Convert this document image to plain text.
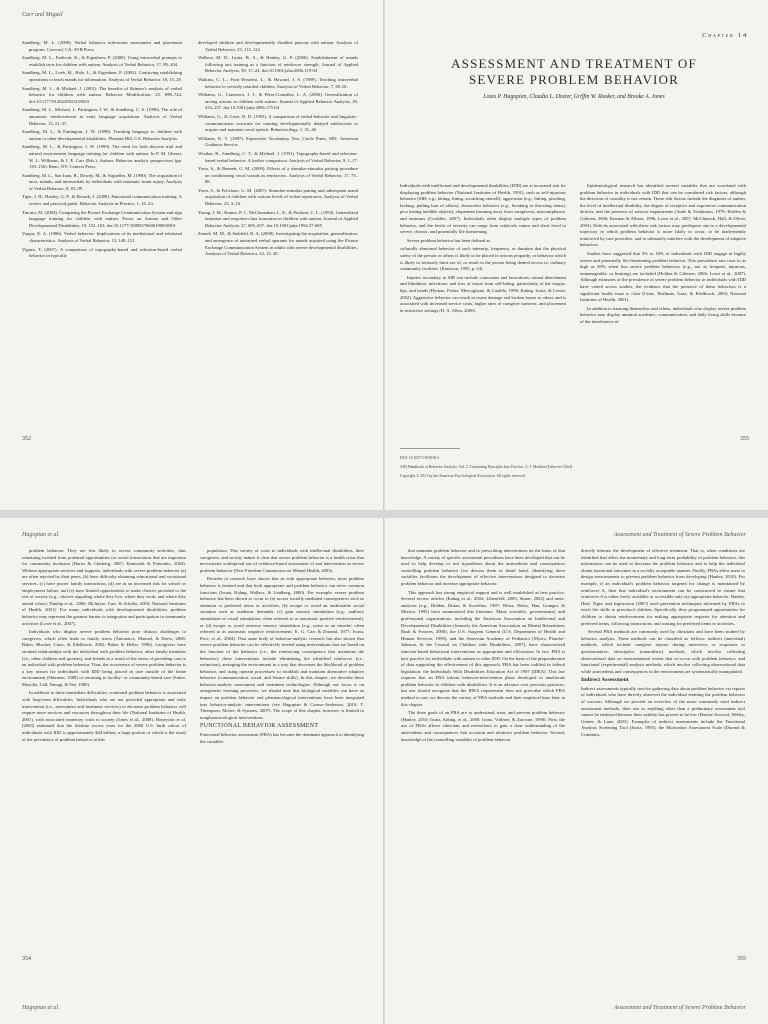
Carr and Miguel

Sundberg, M. L. (2008). Verbal behavior milestones assessment and placement program. Concord, CA: AVB Press.

Sundberg, M. L., Endicott, K., & Eigenheer, P. (2000). Using intraverbal prompts to establish tacts for children with autism. Analysis of Verbal Behavior, 17, 89–104.

Sundberg, M. L., Loeb, M., Hale, L., & Eigenheer, P. (2002). Contriving establishing operations to teach mands for information. Analysis of Verbal Behavior, 18, 15–29.

Sundberg, M. L., & Michael, J. (2001). The benefits of Skinner's analysis of verbal behavior for children with autism. Behavior Modification, 25, 698–724. doi:10.1177/0145445501255003

Sundberg, M. L., Michael, J., Partington, J. W., & Sundberg, C. A. (1996). The role of automatic reinforcement in early language acquisition. Analysis of Verbal Behavior, 13, 21–37.

Sundberg, M. L., & Partington, J. W. (1998). Teaching language to children with autism or other developmental disabilities. Pleasant Hill, CA: Behavior Analysts.

Sundberg, M. L., & Partington, J. W. (1999). The need for both discrete trial and natural environment language training for children with autism. In P. M. Ghezzi, W. L. Williams, & J. E. Carr (Eds.), Autism: Behavior analytic perspectives (pp. 139–156). Reno, NV: Context Press.

Sundberg, M. L., San Juan, B., Dawdy, M., & Arguelles, M. (1990). The acquisition of tacts, mands, and intraverbals by individuals with traumatic brain injury. Analysis of Verbal Behavior, 8, 83–99.

Tiger, J. H., Hanley, G. P., & Bruzek, J. (2008). Functional communication training: A review and practical guide. Behavior Analysis in Practice, 1, 16–23.

Tincani, M. (2004). Comparing the Picture Exchange Communication System and sign language training for children with autism. Focus on Autism and Other Developmental Disabilities, 19, 152–163. doi:10.1177/10883576040190030301

Vargas, E. A. (1986). Verbal behavior: Implications of its mediational and relational characteristics. Analysis of Verbal Behavior, 15, 149–151.

Vignes, T. (2007). A comparison of topography-based and selection-based verbal behavior in typically

developed children and developmentally disabled persons with autism. Analysis of Verbal Behavior, 23, 113–122.

Wallace, M. D., Iwata, B. A., & Hanley, G. P. (2006). Establishment of mands following tact training as a function of reinforcer strength. Journal of Applied Behavior Analysis, 39, 17–24. doi:10.1901/jaba.2006.119-04

Watkins, C. L., Pack-Teixteira, L., & Howard, J. S. (1989). Teaching intraverbal behavior to severely retarded children. Analysis of Verbal Behavior, 7, 69–81.

Williams, G., Carnerero, J. J., & Pérez-González, L. A. (2006). Generalization of tacting actions in children with autism. Journal of Applied Behavior Analysis, 39, 233–237. doi:10.1901/jaba.2006.175-04

Williams, G., & Greer, R. D. (1993). A comparison of verbal-behavior and linguistic-communication curricula for training developmentally delayed adolescents to acquire and maintain vocal speech. Behaviorology, 1, 31–46.

Williams, K. T. (1997). Expressive Vocabulary Test. Circle Pines, MN: American Guidance Service.

Wraikat, R., Sundberg, C. T., & Michael, J. (1991). Topography-based and selection-based verbal behavior: A further comparison. Analysis of Verbal Behavior, 9, 1–17.

Yoon, S., & Bennett, G. M. (2000). Effects of a stimulus-stimulus pairing procedure on conditioning vocal sounds as reinforcers. Analysis of Verbal Behavior, 17, 75–88.

Yoon, S., & Feliciano, G. M. (2007). Stimulus-stimulus pairing and subsequent mand acquisition of children with various levels of verbal repertoires. Analysis of Verbal Behavior, 23, 3–16.

Young, J. M., Krantz, P. J., McClannahan, L. E., & Poulson, C. L. (1994). Generalized imitation and response-class formation in children with autism. Journal of Applied Behavior Analysis, 27, 685–697. doi:10.1901/jaba.1994.27-685

Zemek, M. M., & Siebfeld, R. A. (2008). Investigating the acquisition, generalization, and emergence of untrained verbal operants for mands acquired using the Picture Exchange Communication System in adults with severe developmental disabilities. Analysis of Verbal Behavior, 24, 15–30.

352
Chapter 14
ASSESSMENT AND TREATMENT OF
SEVERE PROBLEM BEHAVIOR
Louis P. Hagopian, Claudia L. Dozier, Griffin W. Rooker, and Brooke A. Jones

Individuals with intellectual and developmental disabilities (IDD) are at increased risk for displaying problem behavior (National Institutes of Health, 1991), such as self-injurious behavior (SIB; e.g., hitting, biting, scratching oneself), aggression (e.g., hitting, pinching, kicking, pulling hair of others), destructive behavior (e.g., breaking or throwing items), pica (eating inedible objects), elopement (running away from caregivers), noncompliance, and tantrums (Cordiller, 2007). Individuals often display multiple types of problem behavior, and the levels of severity can range from relatively minor and short lived to severe, chronic, and potentially life threatening.

Severe problem behavior has been defined as

culturally abnormal behavior of such intensity, frequency, or duration that the physical safety of the person or others is likely to be placed in serious jeopardy, or behavior which is likely to seriously limit use of, or result in the person being denied access to, ordinary community facilities. (Emerson, 1995, p. 24)

Injuries secondary to SIB can include contusions and lacerations; retinal detachment and blindness; infections; and loss of tissue from self-biting, particularly of the tongue, lips, and hands (Hyman, Fisher, Mercugliano, & Cataldo, 1990; Kahng, Iwata, & Lewin, 2002). Aggressive behavior can result in tissue damage and broken bones to others and is associated with increased service costs, higher rates of caregiver turnover, and placement in restrictive settings (D. A. Allen, 2000).

Epidemiological research has identified several variables that are correlated with problem behavior in individuals with IDD that can be considered risk factors, although the direction of causality is not certain. These risk factors include the diagnosis of autism, the level of intellectual disability, the degree of receptive and expressive communication deficits, and the presence of sensory impairments (Ando & Yoshimura, 1979; Holden & Gitlesen, 2006; Kiernan & Alborz, 1996; Lowe et al., 2007; McClintock, Hall, & Oliver, 2003). Deficits associated with these risk factors may predispose one to a developmental trajectory in which problem behavior is more likely to occur, to be inadvertently reinforced by care providers, and to ultimately interfere with the development of adaptive behaviors.

Studies have suggested that 5% to 10% of individuals with IDD engage in highly severe and potentially life-threatening problem behavior. This prevalence rate rises to as high as 40% when less severe problem behaviors (e.g., not as frequent, injurious, unmanageable, or limiting) are included (Holden & Gitlesen, 2006; Lowe et al., 2007). Although estimates of the prevalence of severe problem behavior in individuals with IDD have varied across studies, the evidence that the presence of these behaviors is a significant health issue is clear (Crnic, Hoffman, Gaze, & Edelbrock, 2004; National Institutes of Health, 2001).

In addition to harming themselves and others, individuals who display severe problem behavior may display minimal academic, communication, and daily living skills because of the interference of

DOI: 10.1037/13938-014

APA Handbook of Behavior Analysis: Vol. 2. Translating Principles Into Practice, G. J. Madden (Editor-in-Chief)

Copyright © 2013 by the American Psychological Association. All rights reserved.

355
Hagopian et al.

problem behavior. They are less likely to access community activities, thus remaining isolated from potential opportunities for social interactions that are important for community inclusion (Harris & Glasberg, 2007; Kontostrk & Pomonko, 2004). Without appropriate services and supports, individuals with severe problem behavior (a) are often rejected by their peers, (b) have difficulty obtaining educational and vocational services, (c) have poorer family interactions, (d) are at an increased risk for school or employment failure, and (e) have limited opportunities to make choices provided to the rest of society (e.g., choices regarding where they live, where they work, and where they attend school; Dunlap et al., 2006; McIntyre, Carr, & Schultz, 2004; National Institutes of Health, 2001). For many individuals with developmental disabilities, problem behavior may represent the greatest barrier to integration and participation in community activities (Lowe et al., 2007).

Individuals who display severe problem behavior pose distinct challenges to caregivers, which often leads to family stress (Antonacci, Manuel, & Davis, 2008; Baker, Blacher, Crnic, & Edelbrock, 2002; Baker & Heller, 1996). Caregivers have strained relationships with the individual with problem behavior, other family members (i.e., other children and spouses), and friends as a result of the stress of providing care to an individual with problem behavior. Thus, the occurrence of severe problem behavior is a key reason for individuals with IDD being placed in care outside of the home environment (Sherman, 1988) or returning to facility- or community-based care (Sutter, Mayolla, Call, Yanagi, & Yee, 1980).

In addition to these immediate difficulties, continued problem behavior is associated with long-term difficulties. Individuals who are not provided appropriate and early intervention (i.e., assessment and treatment services) to decrease problem behavior will require more services and resources throughout their life (National Institutes of Health, 2001), with associated monetary costs to society (Jones et al., 2008). Honeycutt et al. (2003) estimated that the lifetime excess costs for the 2000 U.S. birth cohort of individuals with IDD is approximately $44 billion, a large portion of which is the result of the prevalence of problem behavior in this

population. This variety of costs to individuals with intellectual disabilities, their caregivers, and society makes it clear that severe problem behavior is a health crisis that necessitates widespread use of evidence-based assessment of and intervention in severe problem behavior (New Freedom Commission on Mental Health, 2003).

Decades of research have shown that as with appropriate behavior, most problem behavior is learned and that both appropriate and problem behavior can serve common functions (Iwata, Kahng, Wallace, & Lindberg, 2000). For example, severe problem behavior has been shown to occur to (a) access socially mediated consequences such as attention or preferred items or activities, (b) escape or avoid an undesirable social situation such as academic demands, (c) gain sensory stimulation (e.g., auditory stimulation or visual stimulation, often referred to as automatic positive reinforcement), or (d) escape or avoid aversive sensory stimulation (e.g., noise or an earache, often referred to as automatic negative reinforcement; E. G. Carr & Durand, 1977; Iwata, Pace, et al., 2004). That same body of behavior-analytic research has also shown that severe problem behavior can be effectively treated using interventions that are based on the function of the behavior (i.e., the reinforcing consequence that maintains the behavior); these interventions include eliminating the identified reinforcer (i.e., extinction), arranging the environment in a way that decreases the likelihood of problem behavior, and using operant procedures to establish and maintain alternative adaptive behavior (communication, social, and leisure skills). In this chapter, we describe these behavior-analytic assessment and treatment technologies. Although our focus is on ontogenetic learning processes, we should note that biological variables can have an impact on problem behavior and pharmacological interventions have been integrated into behavior-analytic interventions (see Hagopian & Caruso-Anderson, 2010; T. Thompson, Moore, & Symons, 2007). The scope of this chapter, however, is limited to nonpharmacological interventions.

FUNCTIONAL BEHAVIOR ASSESSMENT

Functional behavior assessment (FBA) has become the dominant approach to identifying the variables

354
Hagopian et al.
Assessment and Treatment of Severe Problem Behavior

that maintain problem behavior and to prescribing interventions on the basis of that knowledge. A variety of specific assessment procedures have been developed that can be used to help develop or test hypotheses about the antecedents and consequences controlling problem behavior (we discuss them in detail later). Identifying these variables facilitates the development of effective interventions designed to decrease problem behavior and increase appropriate behavior.

This approach has strong empirical support and is well established as best practice. Several review articles (Kahng et al., 2002; Lilienfeld, 2005; Stuart, 2002) and meta-analyses (e.g., Didden, Duker, & Korzilius, 1997; Weisz, Weiss, Han, Granger, & Morton, 1995) have summarized this literature. Many scientific, governmental, and professional organizations, including the American Association on Intellectual and Developmental Disabilities (formerly the American Association on Mental Retardation; Rush & Frances, 2000), the U.S. Surgeon General (U.S. Department of Health and Human Services, 1999), and the American Academy of Pediatrics (Myers, Plauche-Johnson, & the Council on Children with Disabilities, 2007), have characterized function-based behavioral interventions as appropriate and efficacious. In fact, FBA is best practice for individuals with autism or other IDD. On the basis of the preponderance of data supporting the effectiveness of this approach, FBA has been codified in federal legislation: the Individuals With Disabilities Education Act of 1997 (IDEA). This law requires that an FBA inform behavior-intervention plans developed to ameliorate problem behavior in children with disabilities. It is an advance over previous practices, but one should recognize that the IDEA requirement does not prescribe which FBA method to use; we discuss the variety of FBA methods and their empirical base later in this chapter.

The three goals of an FBA are to understand, treat, and prevent problem behavior (Hanley, 2010; Iwata, Kahng, et al., 2000; Iwata, Vollmer, & Zarcone, 1990). First, the use of FBAs allows clinicians and researchers to gain a clear understanding of the antecedents and consequences that occasion and reinforce problem behavior. Second, knowledge of the controlling variables of problem behavior

directly informs the development of effective treatment. That is, when conditions are identified that affect the momentary and long-term probability of problem behavior, this information can be used to decrease the problem behavior and to help the individual obtain functional outcomes in a socially acceptable manner. Finally, FBAs allow users to design environments to prevent problem behavior from developing (Hanley, 2010). For example, if an individual's problem behavior targeted for change is maintained by reinforcer A, then that individual's environment can be constructed to ensure that reinforcer A is either freely available or accessible only via appropriate behavior. Hanley, Heal, Tiger, and Ingvarsson (2007) used prevention techniques informed by FBAs to teach life skills to preschool children. Specifically, they programmed opportunities for children to obtain reinforcement for making appropriate requests for attention and preferred items, following instructions, and waiting for preferred items or activities.

Several FBA methods are commonly used by clinicians and have been studied by behavior analysts. These methods can be classified as follows: indirect (anecdotal) methods, which include caregiver reports during interviews or responses to questionnaires; descriptive (naturalistic) methods, which involve collecting observational data on environmental events that co-occur with problem behavior; and functional (experimental) analysis methods, which involve collecting observational data while antecedents and consequences in the environment are systematically manipulated.

Indirect Assessment

Indirect assessments typically involve gathering data about problem behavior via reports of individuals who have directly observed the individual emitting the problem behavior of concern. Although we provide an overview of the more commonly used indirect assessment methods, their use as anything other than a preliminary assessment tool cannot be endorsed because their validity has proven to be low (Barton-Arwood, Wehby, Gunter, & Lane, 2003). Examples of indirect assessments include the Functional Analysis Screening Tool (Iwata, 1995), the Motivation Assessment Scale (Durand & Crimmins,

355
Assessment and Treatment of Severe Problem Behavior
